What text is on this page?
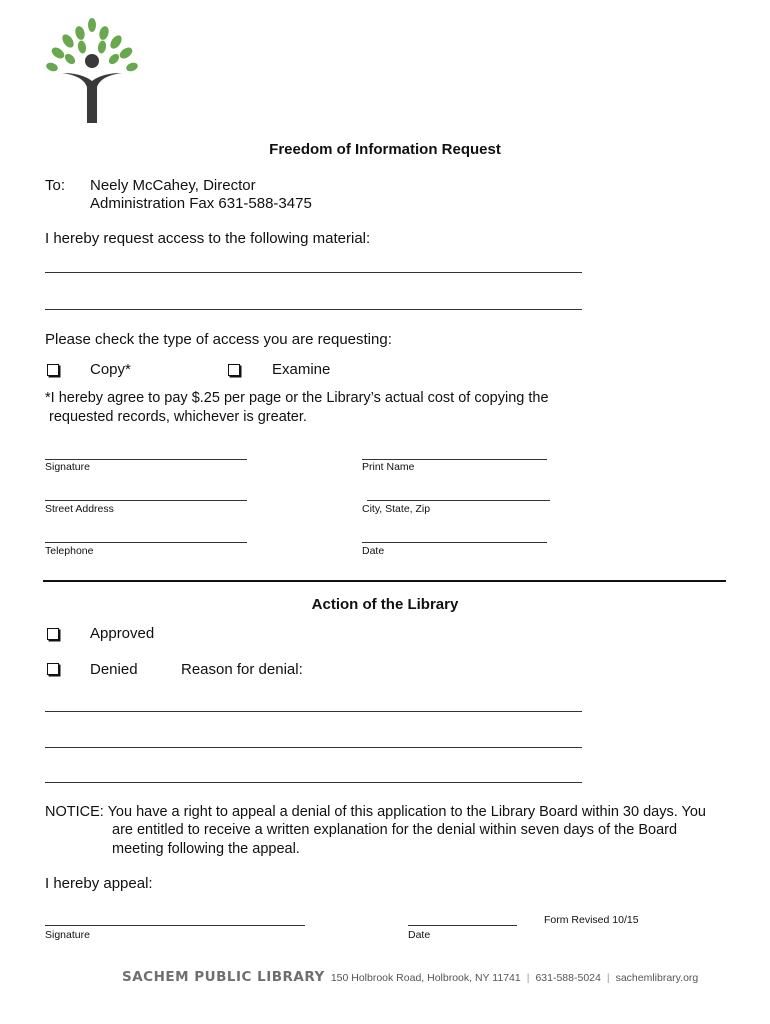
Freedom of Information Request
To: Neely McCahey, Director
Administration Fax 631-588-3475
I hereby request access to the following material:
Please check the type of access you are requesting:
Copy*	Examine
*I hereby agree to pay $.25 per page or the Library’s actual cost of copying the
requested records, whichever is greater.
Signature	Print Name
Street Address	City, State, Zip
Telephone	Date
Action of the Library
Approved
Denied	Reason for denial:
NOTICE: You have a right to appeal a denial of this application to the Library Board within 30 days. You
are entitled to receive a written explanation for the denial within seven days of the Board
meeting following the appeal.
I hereby appeal:
Signature	Date
Form Revised 10/15
SACHEM PUBLIC LIBRARY 150 Holbrook Road, Holbrook, NY 11741 | 631-588-5024 | sachemlibrary.org
